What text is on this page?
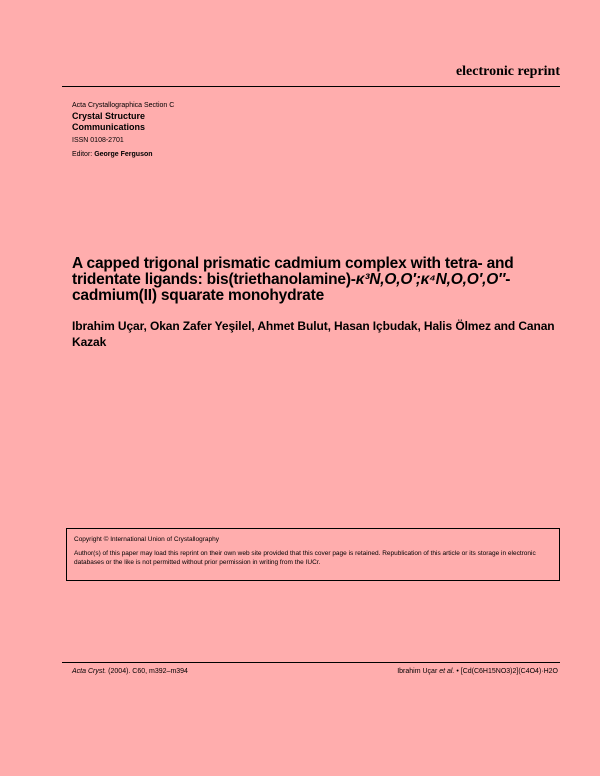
electronic reprint
Acta Crystallographica Section C
Crystal Structure
Communications
ISSN 0108-2701
Editor: George Ferguson
A capped trigonal prismatic cadmium complex with tetra- and tridentate ligands: bis(triethanolamine)-κ³N,O,O′;κ⁴N,O,O′,O″-cadmium(II) squarate monohydrate
Ibrahim Uçar, Okan Zafer Yeşilel, Ahmet Bulut, Hasan Içbudak, Halis Ölmez and Canan Kazak
Copyright © International Union of Crystallography
Author(s) of this paper may load this reprint on their own web site provided that this cover page is retained. Republication of this article or its storage in electronic databases or the like is not permitted without prior permission in writing from the IUCr.
Acta Cryst. (2004). C60, m392–m394	Ibrahim Uçar et al. • [Cd(C6H15NO3)2](C4O4)·H2O
